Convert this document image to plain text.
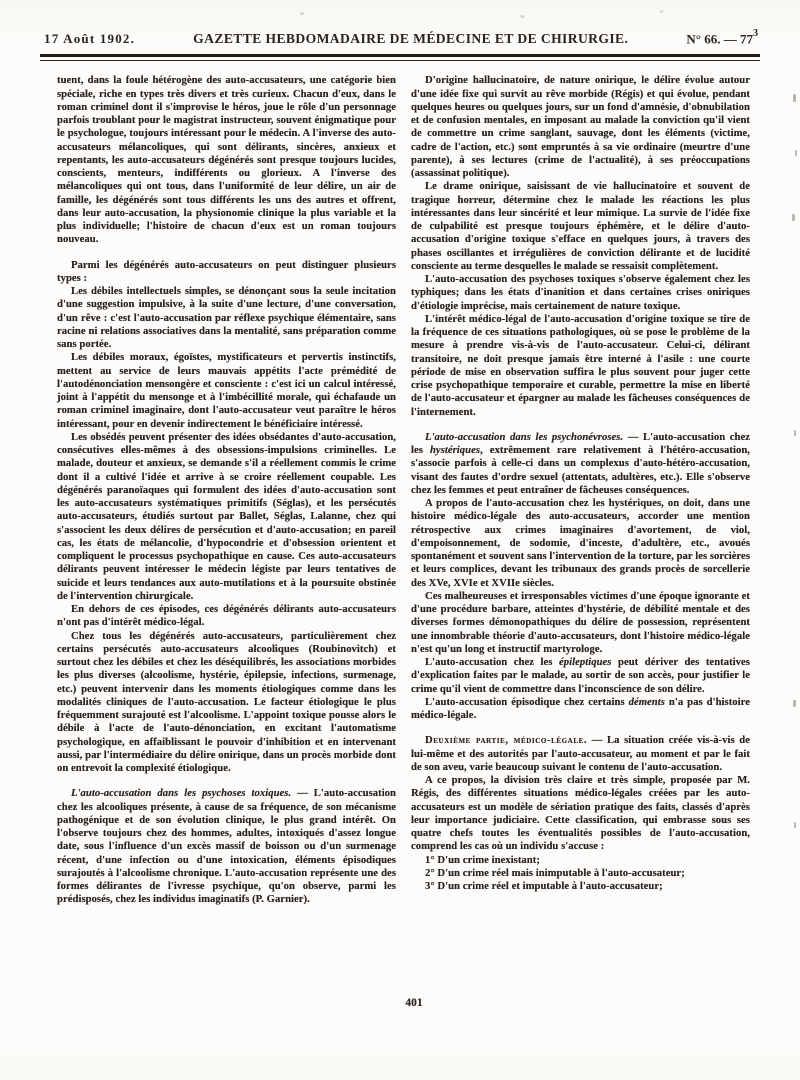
17 Août 1902.	GAZETTE HEBDOMADAIRE DE MÉDECINE ET DE CHIRURGIE.	N° 66. — $77^3$

tuent, dans la foule hétérogène des auto-accusateurs, une catégorie bien spéciale, riche en types très divers et très curieux. Chacun d'eux, dans le roman criminel dont il s'improvise le héros, joue le rôle d'un personnage parfois troublant pour le magistrat instructeur, souvent énigmatique pour le psychologue, toujours intéressant pour le médecin. A l'inverse des auto-accusateurs mélancoliques, qui sont délirants, sincères, anxieux et repentants, les auto-accusateurs dégénérés sont presque toujours lucides, conscients, menteurs, indifférents ou glorieux. A l'inverse des mélancoliques qui ont tous, dans l'uniformité de leur délire, un air de famille, les dégénérés sont tous différents les uns des autres et offrent, dans leur auto-accusation, la physionomie clinique la plus variable et la plus individuelle; l'histoire de chacun d'eux est un roman toujours nouveau.

Parmi les dégénérés auto-accusateurs on peut distinguer plusieurs types :

Les débiles intellectuels simples, se dénonçant sous la seule incitation d'une suggestion impulsive, à la suite d'une lecture, d'une conversation, d'un rêve : c'est l'auto-accusation par réflexe psychique élémentaire, sans racine ni relations associatives dans la mentalité, sans préparation comme sans portée.

Les débiles moraux, égoïstes, mystificateurs et pervertis instinctifs, mettent au service de leurs mauvais appétits l'acte prémédité de l'autodénonciation mensongère et consciente : c'est ici un calcul intéressé, joint à l'appétit du mensonge et à l'imbécillité morale, qui échafaude un roman criminel imaginaire, dont l'auto-accusateur veut paraître le héros intéressant, pour en devenir indirectement le bénéficiaire intéressé.

Les obsédés peuvent présenter des idées obsédantes d'auto-accusation, consécutives elles-mêmes à des obsessions-impulsions criminelles. Le malade, douteur et anxieux, se demande s'il a réellement commis le crime dont il a cultivé l'idée et arrive à se croire réellement coupable. Les dégénérés paranoïaques qui formulent des idées d'auto-accusation sont les auto-accusateurs systématiques primitifs (Séglas), et les persécutés auto-accusateurs, étudiés surtout par Ballet, Séglas, Lalanne, chez qui s'associent les deux délires de persécution et d'auto-accusation; en pareil cas, les états de mélancolie, d'hypocondrie et d'obsession orientent et compliquent le processus psychopathique en cause. Ces auto-accusateurs délirants peuvent intéresser le médecin légiste par leurs tentatives de suicide et leurs tendances aux auto-mutilations et à la poursuite obstinée de l'intervention chirurgicale.

En dehors de ces épisodes, ces dégénérés délirants auto-accusateurs n'ont pas d'intérêt médico-légal.

Chez tous les dégénérés auto-accusateurs, particulièrement chez certains persécutés auto-accusateurs alcooliques (Roubinovitch) et surtout chez les débiles et chez les déséquilibrés, les associations morbides les plus diverses (alcoolisme, hystérie, épilepsie, infections, surmenage, etc.) peuvent intervenir dans les moments étiologiques comme dans les modalités cliniques de l'auto-accusation. Le facteur étiologique le plus fréquemment surajouté est l'alcoolisme. L'appoint toxique pousse alors le débile à l'acte de l'auto-dénonciation, en excitant l'automatisme psychologique, en affaiblissant le pouvoir d'inhibition et en intervenant aussi, par l'intermédiaire du délire onirique, dans un procès morbide dont on entrevoit la complexité étiologique.

L'auto-accusation dans les psychoses toxiques. — L'auto-accusation chez les alcooliques présente, à cause de sa fréquence, de son mécanisme pathogénique et de son évolution clinique, le plus grand intérêt. On l'observe toujours chez des hommes, adultes, intoxiqués d'assez longue date, sous l'influence d'un excès massif de boisson ou d'un surmenage récent, d'une infection ou d'une intoxication, éléments épisodiques surajoutés à l'alcoolisme chronique. L'auto-accusation représente une des formes délirantes de l'ivresse psychique, qu'on observe, parmi les prédisposés, chez les individus imaginatifs (P. Garnier).

D'origine hallucinatoire, de nature onirique, le délire évolue autour d'une idée fixe qui survit au rêve morbide (Régis) et qui évolue, pendant quelques heures ou quelques jours, sur un fond d'amnésie, d'obnubilation et de confusion mentales, en imposant au malade la conviction qu'il vient de commettre un crime sanglant, sauvage, dont les éléments (victime, cadre de l'action, etc.) sont empruntés à sa vie ordinaire (meurtre d'une parente), à ses lectures (crime de l'actualité), à ses préoccupations (assassinat politique).

Le drame onirique, saisissant de vie hallucinatoire et souvent de tragique horreur, détermine chez le malade les réactions les plus intéressantes dans leur sincérité et leur mimique. La survie de l'idée fixe de culpabilité est presque toujours éphémère, et le délire d'auto-accusation d'origine toxique s'efface en quelques jours, à travers des phases oscillantes et irrégulières de conviction délirante et de lucidité consciente au terme desquelles le malade se ressaisit complètement.

L'auto-accusation des psychoses toxiques s'observe également chez les typhiques; dans les états d'inanition et dans certaines crises oniriques d'étiologie imprécise, mais certainement de nature toxique.

L'intérêt médico-légal de l'auto-accusation d'origine toxique se tire de la fréquence de ces situations pathologiques, où se pose le problème de la mesure à prendre vis-à-vis de l'auto-accusateur. Celui-ci, délirant transitoire, ne doit presque jamais être interné à l'asile : une courte période de mise en observation suffira le plus souvent pour juger cette crise psychopathique temporaire et curable, permettre la mise en liberté de l'auto-accusateur et épargner au malade les fâcheuses conséquences de l'internement.

L'auto-accusation dans les psychonévroses. — L'auto-accusation chez les hystériques, extrêmement rare relativement à l'hétéro-accusation, s'associe parfois à celle-ci dans un complexus d'auto-hétéro-accusation, visant des fautes d'ordre sexuel (attentats, adultères, etc.). Elle s'observe chez les femmes et peut entraîner de fâcheuses conséquences.

A propos de l'auto-accusation chez les hystériques, on doit, dans une histoire médico-légale des auto-accusateurs, accorder une mention rétrospective aux crimes imaginaires d'avortement, de viol, d'empoisonnement, de sodomie, d'inceste, d'adultère, etc., avoués spontanément et souvent sans l'intervention de la torture, par les sorcières et leurs complices, devant les tribunaux des grands procès de sorcellerie des XVe, XVIe et XVIIe siècles.

Ces malheureuses et irresponsables victimes d'une époque ignorante et d'une procédure barbare, atteintes d'hystérie, de débilité mentale et des diverses formes démonopathiques du délire de possession, représentent une innombrable théorie d'auto-accusateurs, dont l'histoire médico-légale n'est qu'un long et instructif martyrologe.

L'auto-accusation chez les épileptiques peut dériver des tentatives d'explication faites par le malade, au sortir de son accès, pour justifier le crime qu'il vient de commettre dans l'inconscience de son délire.

L'auto-accusation épisodique chez certains déments n'a pas d'histoire médico-légale.

Deuxième partie, médico-légale. — La situation créée vis-à-vis de lui-même et des autorités par l'auto-accusateur, au moment et par le fait de son aveu, varie beaucoup suivant le contenu de l'auto-accusation.

A ce propos, la division très claire et très simple, proposée par M. Régis, des différentes situations médico-légales créées par les auto-accusateurs est un modèle de sériation pratique des faits, classés d'après leur importance judiciaire. Cette classification, qui embrasse sous ses quatre chefs toutes les éventualités possibles de l'auto-accusation, comprend les cas où un individu s'accuse :

1° D'un crime inexistant;

2° D'un crime réel mais inimputable à l'auto-accusateur;

3° D'un crime réel et imputable à l'auto-accusateur;

401
